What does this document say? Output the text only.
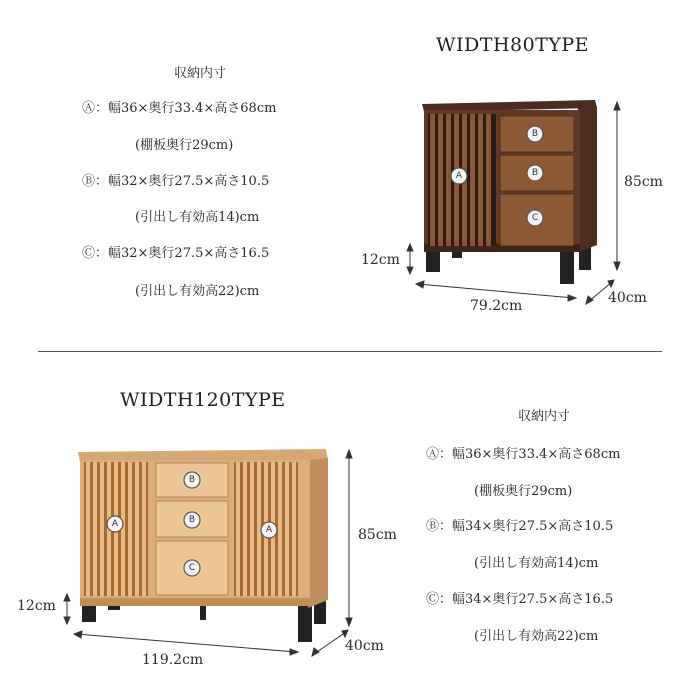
WIDTH80TYPE
収納内寸
Ⓐ：幅36×奥行33.4×高さ68cm
(棚板奥行29cm)
Ⓑ：幅32×奥行27.5×高さ10.5
(引出し有効高14)cm
Ⓒ：幅32×奥行27.5×高さ16.5
(引出し有効高22)cm
85cm
12cm
79.2cm	40cm
A
B
B
C
WIDTH120TYPE
収納内寸
Ⓐ：幅36×奥行33.4×高さ68cm
(棚板奥行29cm)
Ⓑ：幅34×奥行27.5×高さ10.5
(引出し有効高14)cm
Ⓒ：幅34×奥行27.5×高さ16.5
(引出し有効高22)cm
85cm
12cm
119.2cm
40cm
A
A
B
B
C
